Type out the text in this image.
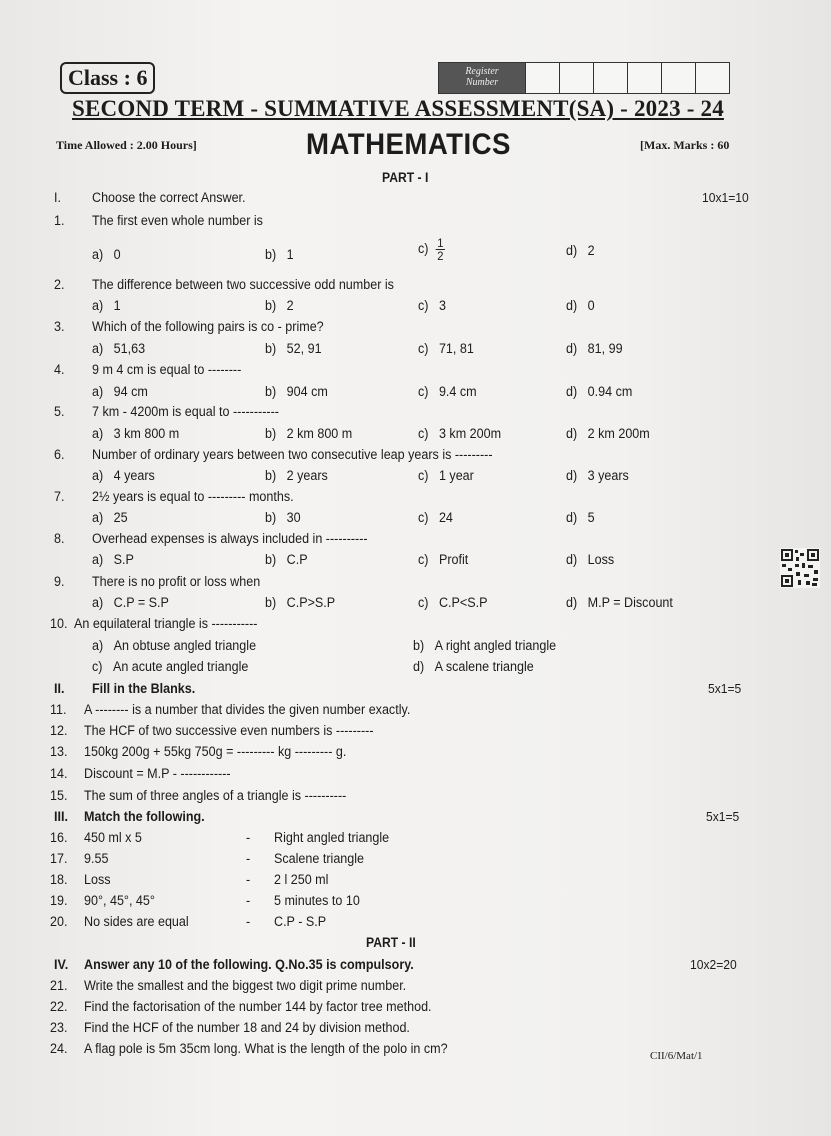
Class : 6	Register
Number
SECOND TERM - SUMMATIVE ASSESSMENT(SA) - 2023 - 24
Time Allowed : 2.00 Hours]	MATHEMATICS	[Max. Marks : 60
PART - I
I. Choose the correct Answer.	10x1=10
1. The first even whole number is
a) 0	b) 1	$c) \frac{1}{2}$	d) 2
2. The difference between two successive odd number is
a) 1	b) 2	c) 3	d) 0
3. Which of the following pairs is co - prime?
a) 51,63	b) 52, 91	c) 71, 81	d) 81, 99
4. 9 m 4 cm is equal to --------
a) 94 cm	b) 904 cm	c) 9.4 cm	d) 0.94 cm
5. 7 km - 4200m is equal to -----------
a) 3 km 800 m	b) 2 km 800 m	c) 3 km 200m	d) 2 km 200m
6. Number of ordinary years between two consecutive leap years is ---------
a) 4 years	b) 2 years	c) 1 year	d) 3 years
7. 2½ years is equal to --------- months.
a) 25	b) 30	c) 24	d) 5
8. Overhead expenses is always included in ----------
a) S.P	b) C.P	c) Profit	d) Loss
9. There is no profit or loss when
a) C.P = S.P	b) C.P>S.P	c) C.P<S.P	d) M.P = Discount
10. An equilateral triangle is -----------
a) An obtuse angled triangle	b) A right angled triangle
c) An acute angled triangle	d) A scalene triangle
II. Fill in the Blanks.	5x1=5
11. A -------- is a number that divides the given number exactly.
12. The HCF of two successive even numbers is ---------
13. 150kg 200g + 55kg 750g = --------- kg --------- g.
14. Discount = M.P - ------------
15. The sum of three angles of a triangle is ----------
III. Match the following.	5x1=5
16. 450 ml x 5	- Right angled triangle
17. 9.55	- Scalene triangle
18. Loss	- 2 l 250 ml
19. 90°, 45°, 45°	- 5 minutes to 10
20. No sides are equal	- C.P - S.P
PART - II
IV. Answer any 10 of the following. Q.No.35 is compulsory.	10x2=20
21. Write the smallest and the biggest two digit prime number.
22. Find the factorisation of the number 144 by factor tree method.
23. Find the HCF of the number 18 and 24 by division method.
24. A flag pole is 5m 35cm long. What is the length of the polo in cm?	CII/6/Mat/1
